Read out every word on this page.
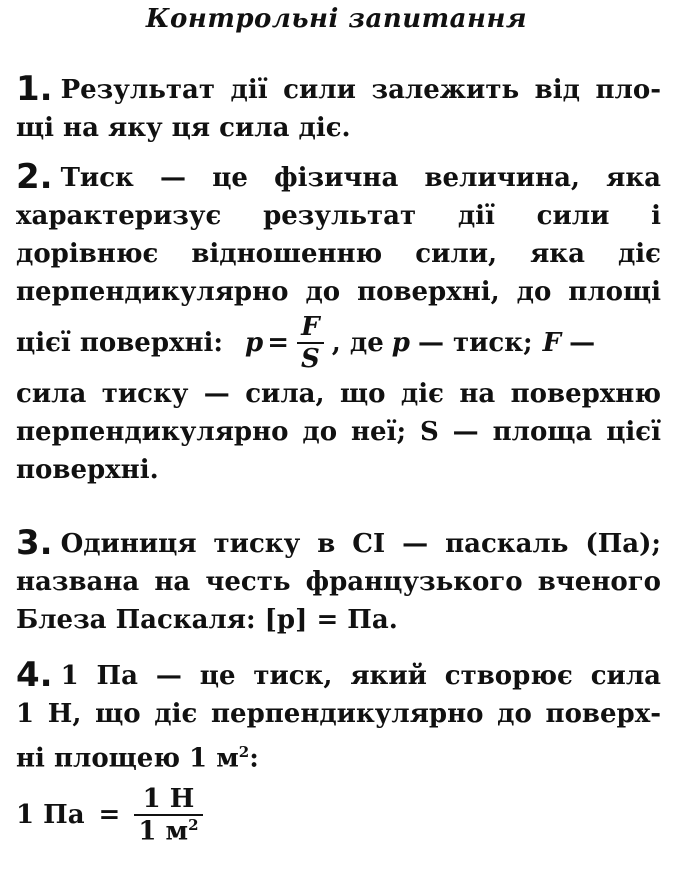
Контрольні запитання
1. Результат дії сили залежить від пло-
щі на яку ця сила діє.
2. Тиск — це фізична величина, яка
характеризує результат дії сили і
дорівнює відношенню сили, яка діє
перпендикулярно до поверхні, до площі
цієї поверхні: $p = \frac{F}{S}$ , де p — тиск; F —
сила тиску — сила, що діє на поверхню
перпендикулярно до неї; S — площа цієї
поверхні.
3. Одиниця тиску в СІ — паскаль (Па);
названа на честь французького вченого
Блеза Паскаля: [p] = Па.
4. 1 Па — це тиск, який створює сила
1 Н, що діє перпендикулярно до поверх-
ні площею 1 $м^2$:
1 Па = $\frac{1 Н}{1 м^2}$
